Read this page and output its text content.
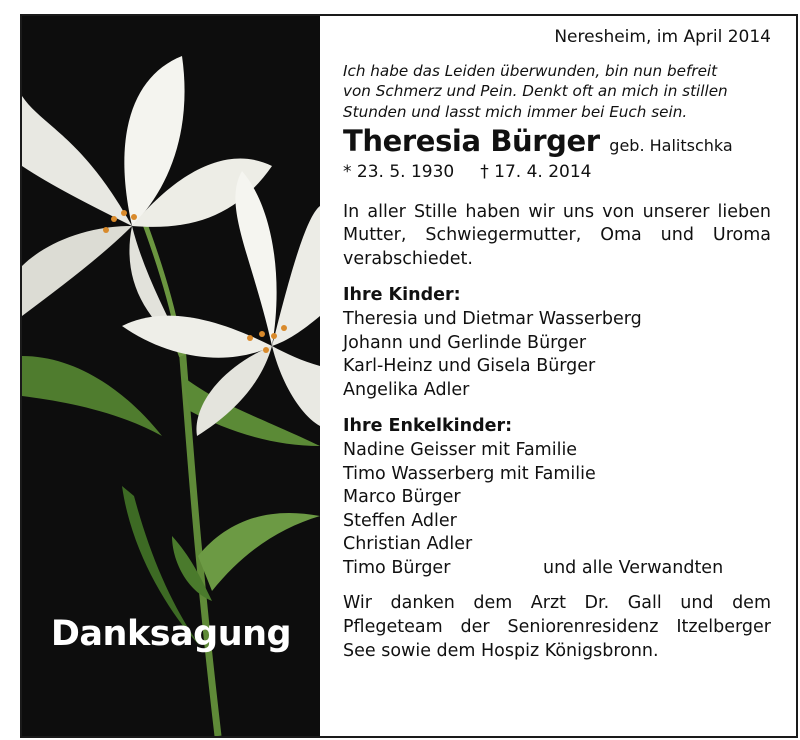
Danksagung
Neresheim, im April 2014
Ich habe das Leiden überwunden, bin nun befreit
von Schmerz und Pein. Denkt oft an mich in stillen
Stunden und lasst mich immer bei Euch sein.
Theresia Bürger geb. Halitschka
* 23. 5. 1930 † 17. 4. 2014
In aller Stille haben wir uns von unserer lieben Mutter, Schwiegermutter, Oma und Uroma verabschiedet.
Ihre Kinder:
Theresia und Dietmar Wasserberg
Johann und Gerlinde Bürger
Karl-Heinz und Gisela Bürger
Angelika Adler
Ihre Enkelkinder:
Nadine Geisser mit Familie
Timo Wasserberg mit Familie
Marco Bürger
Steffen Adler
Christian Adler
Timo Bürger	und alle Verwandten
Wir danken dem Arzt Dr. Gall und dem Pflegeteam der Seniorenresidenz Itzelberger See sowie dem Hospiz Königsbronn.
